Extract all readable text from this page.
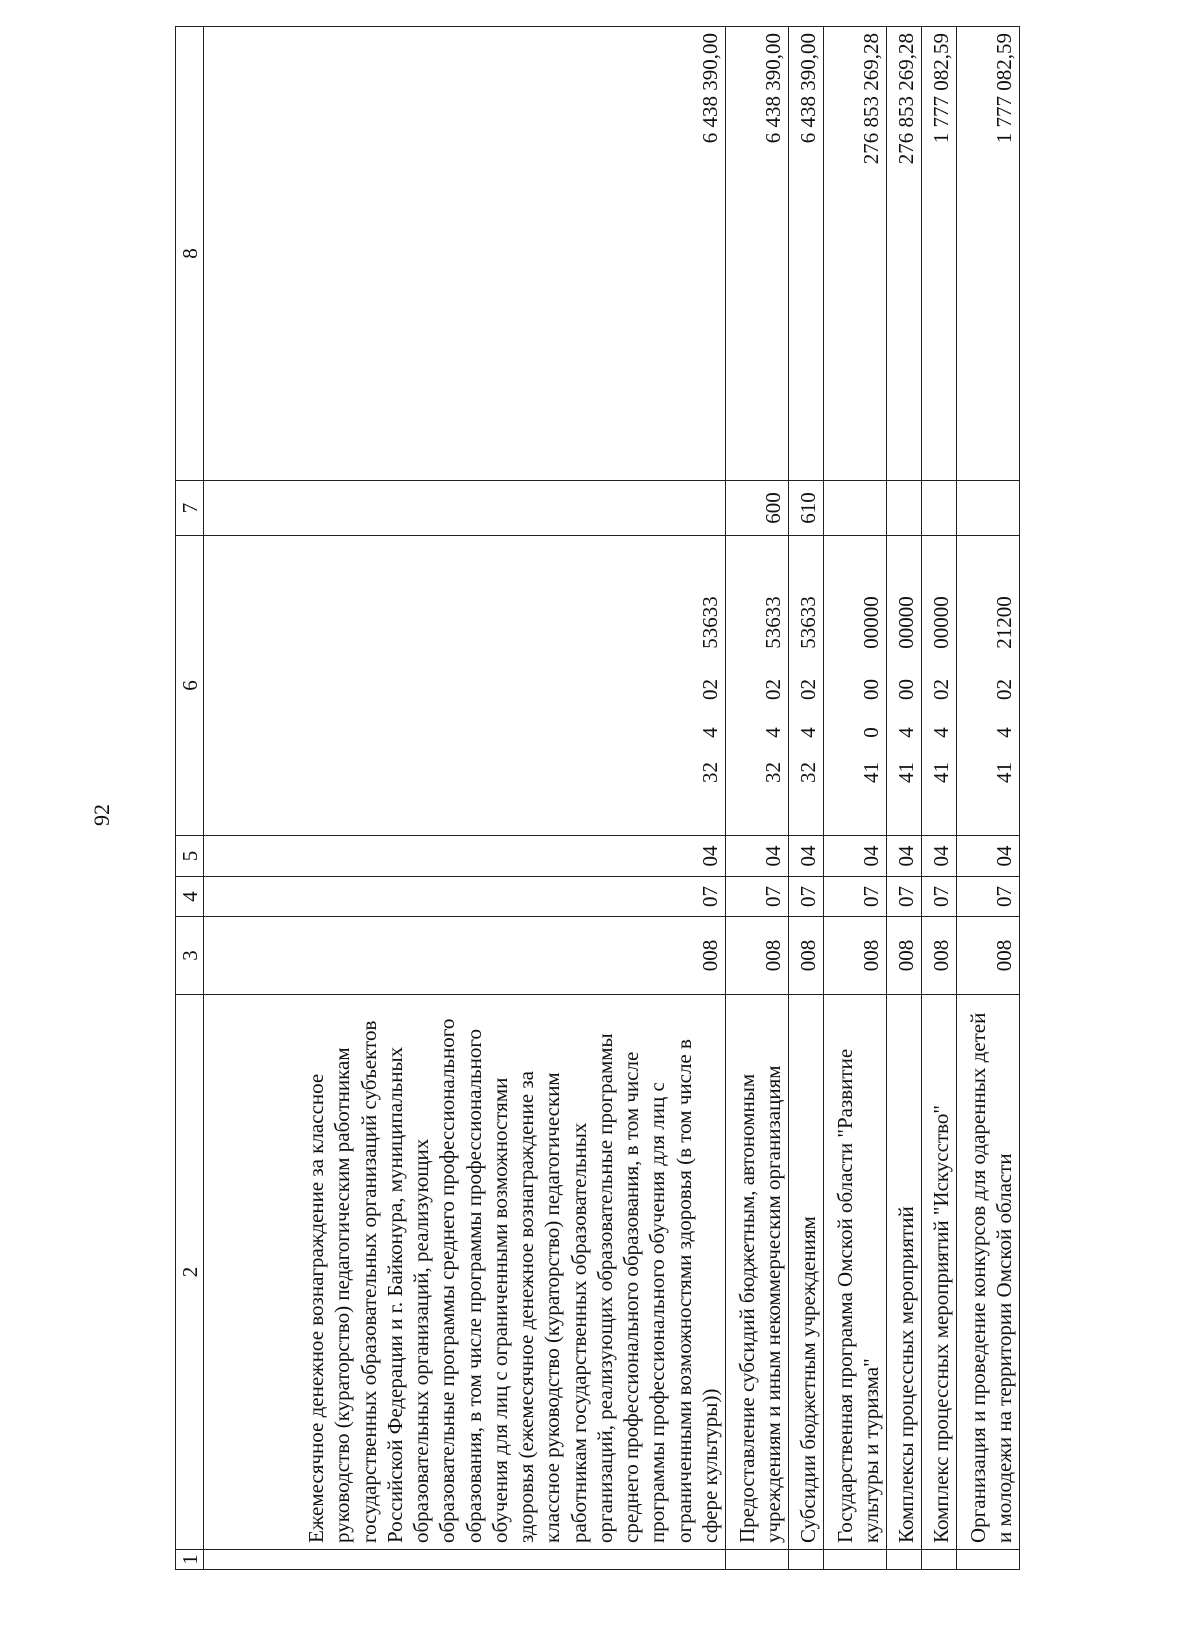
92
1	2	3	4	5	6	7	8
	Ежемесячное денежное вознаграждение за классное руководство (кураторство) педагогическим работникам государственных образовательных организаций субъектов Российской Федерации и г. Байконура, муниципальных образовательных организаций, реализующих образовательные программы среднего профессионального образования, в том числе программы профессионального обучения для лиц с ограниченными возможностями здоровья (ежемесячное денежное вознаграждение за классное руководство (кураторство) педагогическим работникам государственных образовательных организаций, реализующих образовательные программы среднего профессионального образования, в том числе программы профессионального обучения для лиц с ограниченными возможностями здоровья (в том числе в сфере культуры))	008	07	04	3240253633		6 438 390,00
	Предоставление субсидий бюджетным, автономным учреждениям и иным некоммерческим организациям	008	07	04	3240253633	600	6 438 390,00
	Субсидии бюджетным учреждениям	008	07	04	3240253633	610	6 438 390,00
	Государственная программа Омской области "Развитие культуры и туризма"	008	07	04	4100000000		276 853 269,28
	Комплексы процессных мероприятий	008	07	04	4140000000		276 853 269,28
	Комплекс процессных мероприятий "Искусство"	008	07	04	4140200000		1 777 082,59
	Организация и проведение конкурсов для одаренных детей и молодежи на территории Омской области	008	07	04	4140221200		1 777 082,59
